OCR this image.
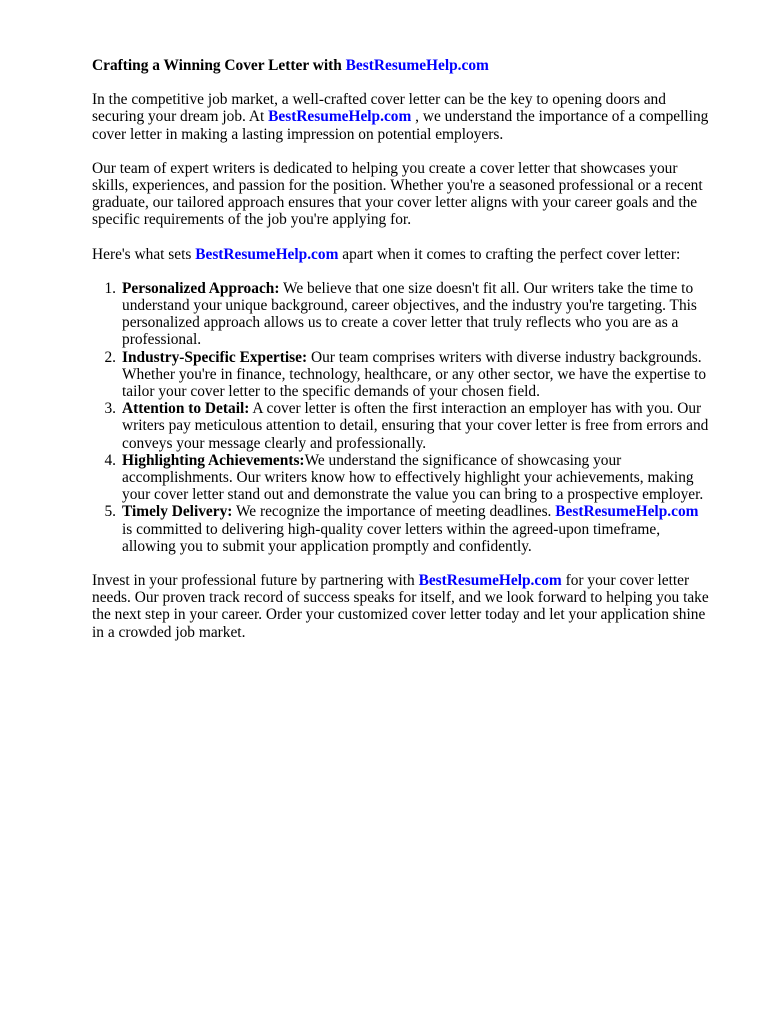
Crafting a Winning Cover Letter with BestResumeHelp.com
In the competitive job market, a well-crafted cover letter can be the key to opening doors and securing your dream job. At BestResumeHelp.com , we understand the importance of a compelling cover letter in making a lasting impression on potential employers.
Our team of expert writers is dedicated to helping you create a cover letter that showcases your skills, experiences, and passion for the position. Whether you're a seasoned professional or a recent graduate, our tailored approach ensures that your cover letter aligns with your career goals and the specific requirements of the job you're applying for.
Here's what sets BestResumeHelp.com apart when it comes to crafting the perfect cover letter:
1. Personalized Approach: We believe that one size doesn't fit all. Our writers take the time to understand your unique background, career objectives, and the industry you're targeting. This personalized approach allows us to create a cover letter that truly reflects who you are as a professional.
2. Industry-Specific Expertise: Our team comprises writers with diverse industry backgrounds. Whether you're in finance, technology, healthcare, or any other sector, we have the expertise to tailor your cover letter to the specific demands of your chosen field.
3. Attention to Detail: A cover letter is often the first interaction an employer has with you. Our writers pay meticulous attention to detail, ensuring that your cover letter is free from errors and conveys your message clearly and professionally.
4. Highlighting Achievements:We understand the significance of showcasing your accomplishments. Our writers know how to effectively highlight your achievements, making your cover letter stand out and demonstrate the value you can bring to a prospective employer.
5. Timely Delivery: We recognize the importance of meeting deadlines. BestResumeHelp.com is committed to delivering high-quality cover letters within the agreed-upon timeframe, allowing you to submit your application promptly and confidently.
Invest in your professional future by partnering with BestResumeHelp.com for your cover letter needs. Our proven track record of success speaks for itself, and we look forward to helping you take the next step in your career. Order your customized cover letter today and let your application shine in a crowded job market.
